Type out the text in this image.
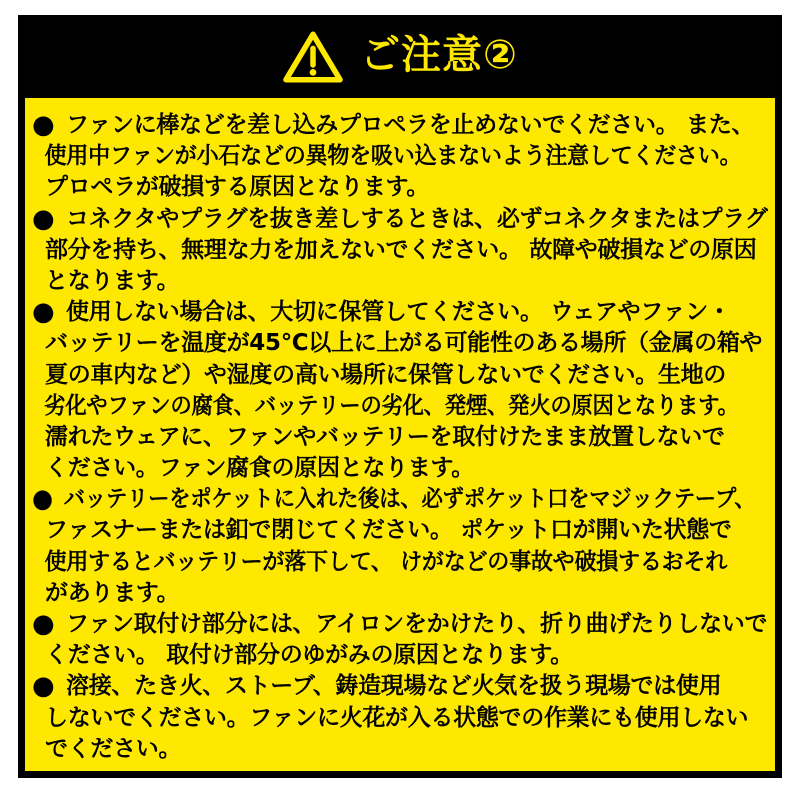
ご注意②
● ファンに棒などを差し込みプロペラを止めないでください。 また、
使用中ファンが小石などの異物を吸い込まないよう注意してください。
プロペラが破損する原因となります。
● コネクタやプラグを抜き差しするときは、必ずコネクタまたはプラグ
部分を持ち、無理な力を加えないでください。 故障や破損などの原因
となります。
● 使用しない場合は、大切に保管してください。 ウェアやファン・
バッテリーを温度が45℃以上に上がる可能性のある場所（金属の箱や
夏の車内など）や湿度の高い場所に保管しないでください。生地の
劣化やファンの腐食、バッテリーの劣化、発煙、発火の原因となります。
濡れたウェアに、ファンやバッテリーを取付けたまま放置しないで
ください。ファン腐食の原因となります。
● バッテリーをポケットに入れた後は、必ずポケット口をマジックテープ、
ファスナーまたは釦で閉じてください。 ポケット口が開いた状態で
使用するとバッテリーが落下して、 けがなどの事故や破損するおそれ
があります。
● ファン取付け部分には、アイロンをかけたり、折り曲げたりしないで
ください。 取付け部分のゆがみの原因となります。
● 溶接、たき火、ストーブ、鋳造現場など火気を扱う現場では使用
しないでください。ファンに火花が入る状態での作業にも使用しない
でください。
